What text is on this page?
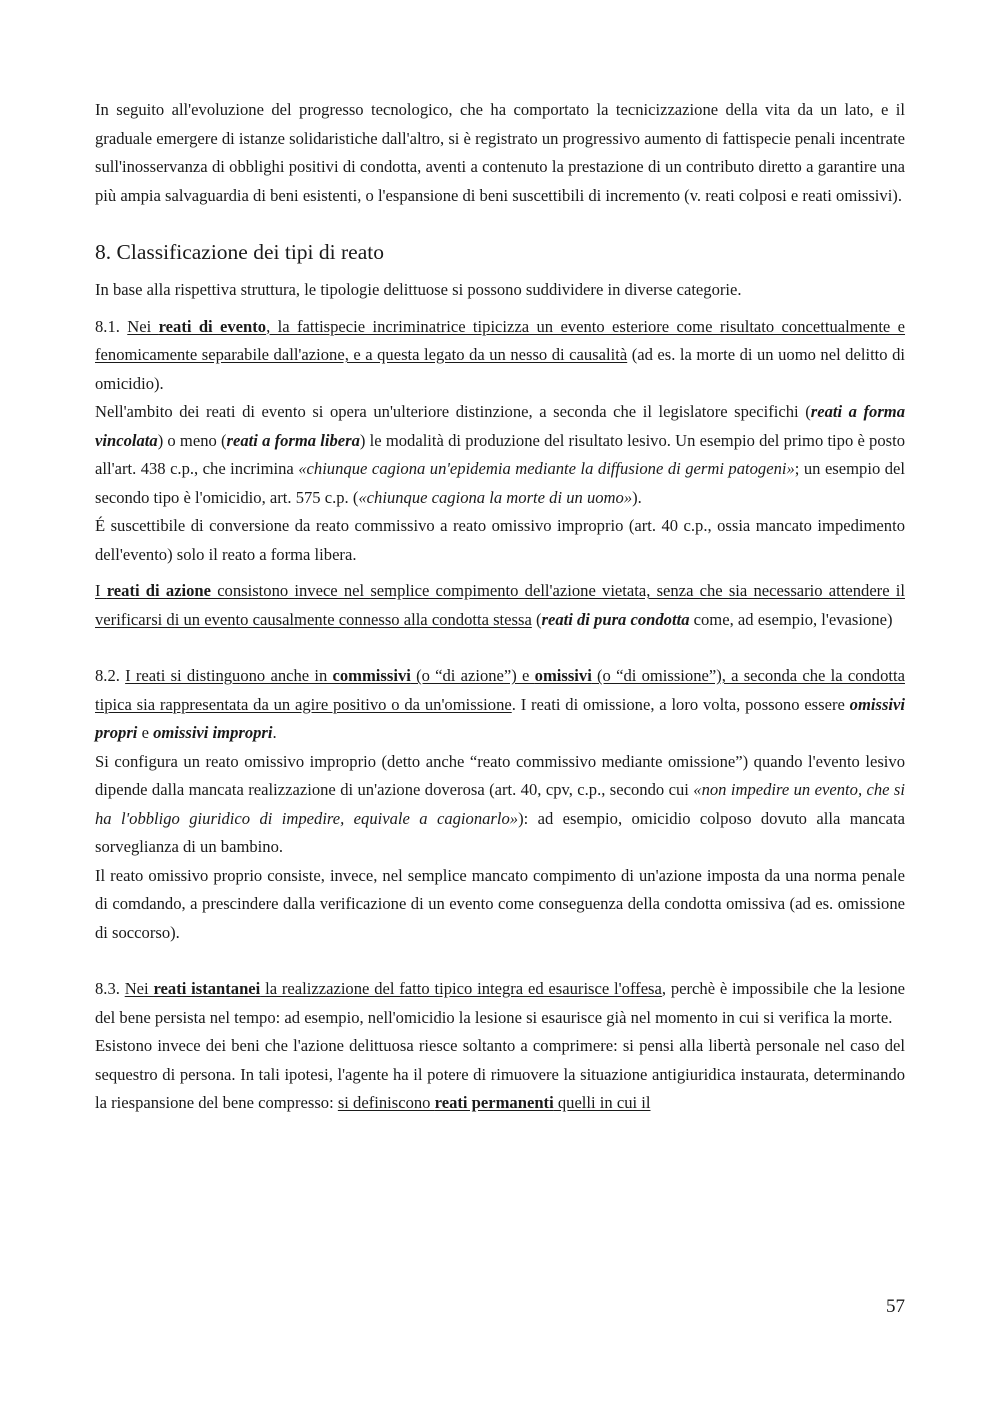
In seguito all'evoluzione del progresso tecnologico, che ha comportato la tecnicizzazione della vita da un lato, e il graduale emergere di istanze solidaristiche dall'altro, si è registrato un progressivo aumento di fattispecie penali incentrate sull'inosservanza di obblighi positivi di condotta, aventi a contenuto la prestazione di un contributo diretto a garantire una più ampia salvaguardia di beni esistenti, o l'espansione di beni suscettibili di incremento (v. reati colposi e reati omissivi).

8. Classificazione dei tipi di reato

In base alla rispettiva struttura, le tipologie delittuose si possono suddividere in diverse categorie.

8.1. Nei reati di evento, la fattispecie incriminatrice tipicizza un evento esteriore come risultato concettualmente e fenomicamente separabile dall'azione, e a questa legato da un nesso di causalità (ad es. la morte di un uomo nel delitto di omicidio).

Nell'ambito dei reati di evento si opera un'ulteriore distinzione, a seconda che il legislatore specifichi (reati a forma vincolata) o meno (reati a forma libera) le modalità di produzione del risultato lesivo. Un esempio del primo tipo è posto all'art. 438 c.p., che incrimina «chiunque cagiona un'epidemia mediante la diffusione di germi patogeni»; un esempio del secondo tipo è l'omicidio, art. 575 c.p. («chiunque cagiona la morte di un uomo»).

É suscettibile di conversione da reato commissivo a reato omissivo improprio (art. 40 c.p., ossia mancato impedimento dell'evento) solo il reato a forma libera.

I reati di azione consistono invece nel semplice compimento dell'azione vietata, senza che sia necessario attendere il verificarsi di un evento causalmente connesso alla condotta stessa (reati di pura condotta come, ad esempio, l'evasione)

8.2. I reati si distinguono anche in commissivi (o “di azione”) e omissivi (o “di omissione”), a seconda che la condotta tipica sia rappresentata da un agire positivo o da un'omissione. I reati di omissione, a loro volta, possono essere omissivi propri e omissivi impropri.

Si configura un reato omissivo improprio (detto anche “reato commissivo mediante omissione”) quando l'evento lesivo dipende dalla mancata realizzazione di un'azione doverosa (art. 40, cpv, c.p., secondo cui «non impedire un evento, che si ha l'obbligo giuridico di impedire, equivale a cagionarlo»): ad esempio, omicidio colposo dovuto alla mancata sorveglianza di un bambino.

Il reato omissivo proprio consiste, invece, nel semplice mancato compimento di un'azione imposta da una norma penale di comdando, a prescindere dalla verificazione di un evento come conseguenza della condotta omissiva (ad es. omissione di soccorso).

8.3. Nei reati istantanei la realizzazione del fatto tipico integra ed esaurisce l'offesa, perchè è impossibile che la lesione del bene persista nel tempo: ad esempio, nell'omicidio la lesione si esaurisce già nel momento in cui si verifica la morte.

Esistono invece dei beni che l'azione delittuosa riesce soltanto a comprimere: si pensi alla libertà personale nel caso del sequestro di persona. In tali ipotesi, l'agente ha il potere di rimuovere la situazione antigiuridica instaurata, determinando la riespansione del bene compresso: si definiscono reati permanenti quelli in cui il

57
